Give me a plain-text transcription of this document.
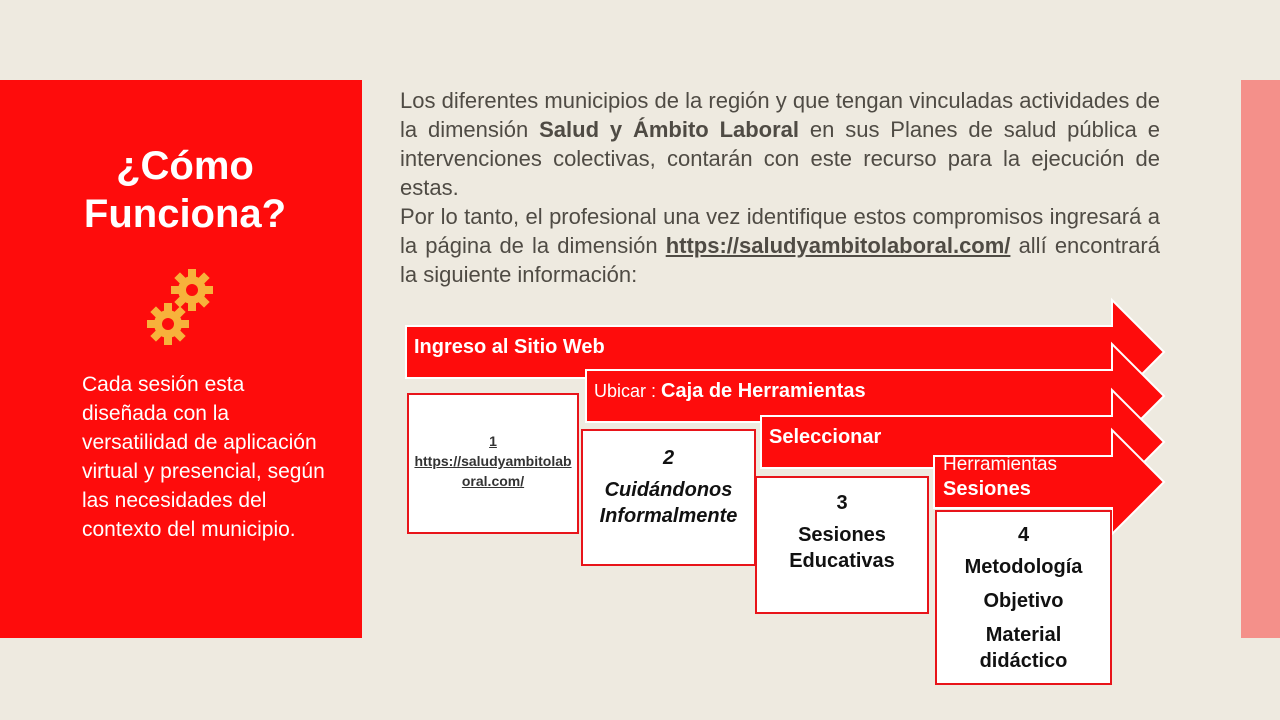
¿Cómo
Funciona?
Cada sesión esta diseñada con la versatilidad de aplicación virtual y presencial, según las necesidades del contexto del municipio.

Los diferentes municipios de la región y que tengan vinculadas actividades de la dimensión Salud y Ámbito Laboral en sus Planes de salud pública e intervenciones colectivas, contarán con este recurso para la ejecución de estas.

Por lo tanto, el profesional una vez identifique estos compromisos ingresará a la página de la dimensión https://saludyambitolaboral.com/ allí encontrará la siguiente información:

Ingreso al Sitio Web
Ubicar : Caja de Herramientas
Seleccionar
Herramientas
Sesiones
1
https://saludyambitolaboral.com/
2
Cuidándonos
Informalmente
3
Sesiones
Educativas
4
Metodología
Objetivo
Material
didáctico
